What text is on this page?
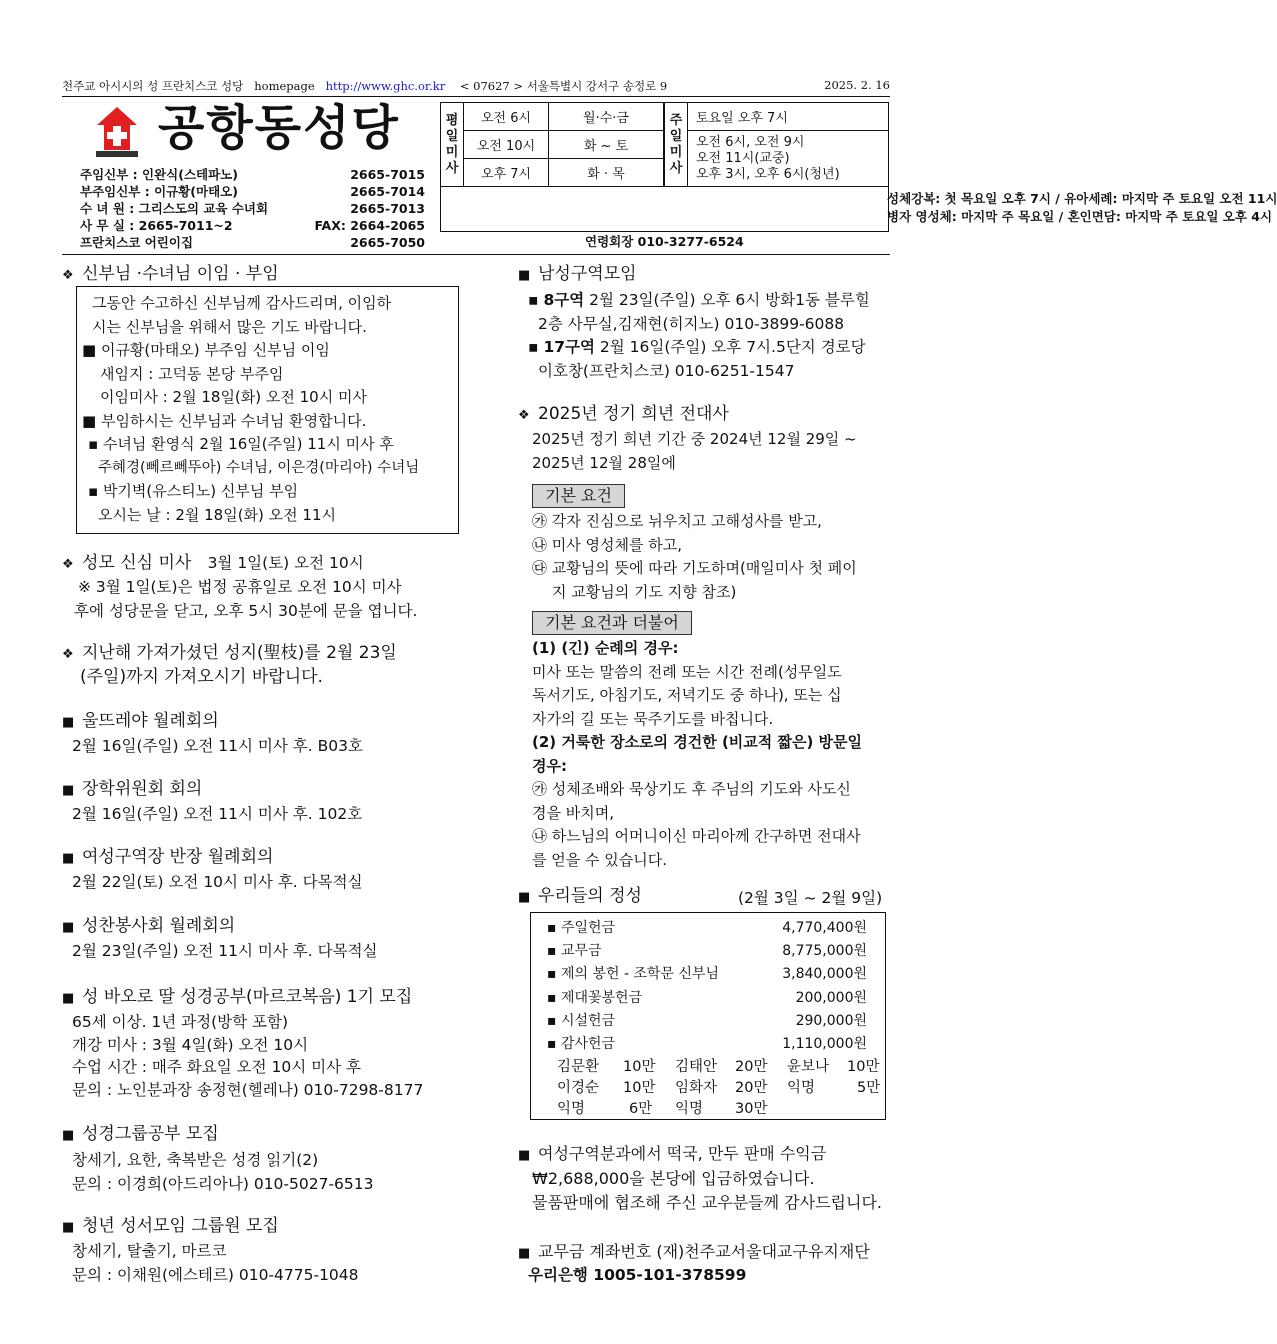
천주교 아시시의 성 프란치스코 성당 homepage http://www.ghc.or.kr < 07627 > 서울특별시 강서구 송정로 9	2025. 2. 16
공항동성당
주임신부 : 인완식(스테파노)	2665-7015
부주임신부 : 이규황(마태오)	2665-7014
수 녀 원 : 그리스도의 교육 수녀회	2665-7013
사 무 실 : 2665-7011~2	FAX: 2664-2065
프란치스코 어린이집	2665-7050
평일미사	오전 6시	월·수·금
	오전 10시	화 ~ 토
	오후 7시	화 · 목
주일미사	토요일 오후 7시

오전 6시, 오전 9시
오전 11시(교중)
오후 3시, 오후 6시(청년)
성체강복: 첫 목요일 오후 7시 / 유아세례: 마지막 주 토요일 오전 11시
병자 영성체: 마지막 주 목요일 / 혼인면담: 마지막 주 토요일 오후 4시
연령회장 010-3277-6524
❖ 신부님 ·수녀님 이임 · 부임
그동안 수고하신 신부님께 감사드리며, 이임하
시는 신부님을 위해서 많은 기도 바랍니다.
■ 이규황(마태오) 부주임 신부님 이임
새임지 : 고덕동 본당 부주임
이임미사 : 2월 18일(화) 오전 10시 미사
■ 부임하시는 신부님과 수녀님 환영합니다.
▪ 수녀님 환영식 2월 16일(주일) 11시 미사 후
주혜경(뻬르뻬뚜아) 수녀님, 이은경(마리아) 수녀님
▪ 박기벽(유스티노) 신부님 부임
오시는 날 : 2월 18일(화) 오전 11시
❖ 성모 신심 미사 3월 1일(토) 오전 10시
※ 3월 1일(토)은 법정 공휴일로 오전 10시 미사
후에 성당문을 닫고, 오후 5시 30분에 문을 엽니다.
❖ 지난해 가져가셨던 성지(聖枝)를 2월 23일
(주일)까지 가져오시기 바랍니다.
■ 울뜨레야 월례회의
2월 16일(주일) 오전 11시 미사 후. B03호
■ 장학위원회 회의
2월 16일(주일) 오전 11시 미사 후. 102호
■ 여성구역장 반장 월례회의
2월 22일(토) 오전 10시 미사 후. 다목적실
■ 성찬봉사회 월례회의
2월 23일(주일) 오전 11시 미사 후. 다목적실
■ 성 바오로 딸 성경공부(마르코복음) 1기 모집
65세 이상. 1년 과정(방학 포함)
개강 미사 : 3월 4일(화) 오전 10시
수업 시간 : 매주 화요일 오전 10시 미사 후
문의 : 노인분과장 송정현(헬레나) 010-7298-8177
■ 성경그룹공부 모집
창세기, 요한, 축복받은 성경 읽기(2)
문의 : 이경희(아드리아나) 010-5027-6513
■ 청년 성서모임 그룹원 모집
창세기, 탈출기, 마르코
문의 : 이채원(에스테르) 010-4775-1048
■ 남성구역모임
▪ 8구역 2월 23일(주일) 오후 6시 방화1동 블루힐
2층 사무실,김재현(히지노) 010-3899-6088
▪ 17구역 2월 16일(주일) 오후 7시.5단지 경로당
이호창(프란치스코) 010-6251-1547
❖ 2025년 정기 희년 전대사
2025년 정기 희년 기간 중 2024년 12월 29일 ~
2025년 12월 28일에
기본 요건
㉮ 각자 진심으로 뉘우치고 고해성사를 받고,
㉯ 미사 영성체를 하고,
㉰ 교황님의 뜻에 따라 기도하며(매일미사 첫 페이
지 교황님의 기도 지향 참조)
기본 요건과 더불어
(1) (긴) 순례의 경우:
미사 또는 말씀의 전례 또는 시간 전례(성무일도
독서기도, 아침기도, 저녁기도 중 하나), 또는 십
자가의 길 또는 묵주기도를 바칩니다.
(2) 거룩한 장소로의 경건한 (비교적 짧은) 방문일
경우:
㉮ 성체조배와 묵상기도 후 주님의 기도와 사도신
경을 바치며,
㉯ 하느님의 어머니이신 마리아께 간구하면 전대사
를 얻을 수 있습니다.
■ 우리들의 정성	(2월 3일 ~ 2월 9일)
▪ 주일헌금	4,770,400원
▪ 교무금	8,775,000원
▪ 제의 봉헌 - 조학문 신부님	3,840,000원
▪ 제대꽃봉헌금	200,000원
▪ 시설헌금	290,000원
▪ 감사헌금	1,110,000원
김문환 10만 김태안 20만 윤보나 10만
이경순 10만 임화자 20만 익명	5만
익명	6만 익명 30만
■ 여성구역분과에서 떡국, 만두 판매 수익금
₩2,688,000을 본당에 입금하였습니다.
물품판매에 협조해 주신 교우분들께 감사드립니다.
■ 교무금 계좌번호 (재)천주교서울대교구유지재단
우리은행 1005-101-378599
